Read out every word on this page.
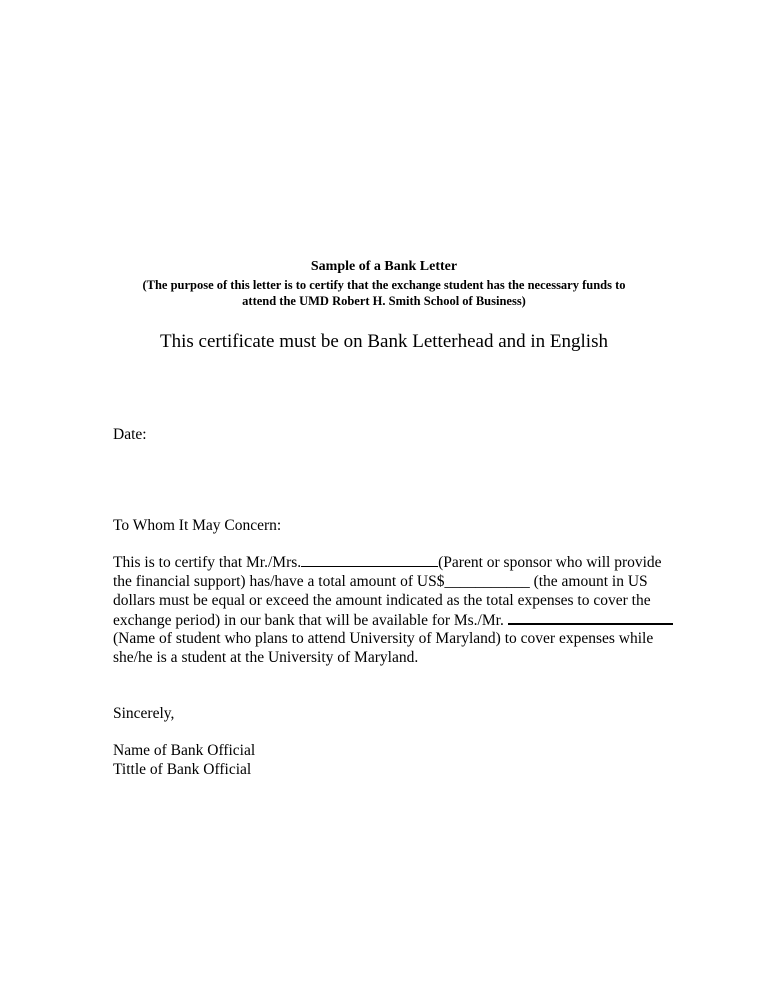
Sample of a Bank Letter
(The purpose of this letter is to certify that the exchange student has the necessary funds to
attend the UMD Robert H. Smith School of Business)
This certificate must be on Bank Letterhead and in English
Date:
To Whom It May Concern:
This is to certify that Mr./Mrs.	(Parent or sponsor who will provide
the financial support) has/have a total amount of US$___________ (the amount in US
dollars must be equal or exceed the amount indicated as the total expenses to cover the
exchange period) in our bank that will be available for Ms./Mr.
(Name of student who plans to attend University of Maryland) to cover expenses while
she/he is a student at the University of Maryland.
Sincerely,
Name of Bank Official
Tittle of Bank Official
